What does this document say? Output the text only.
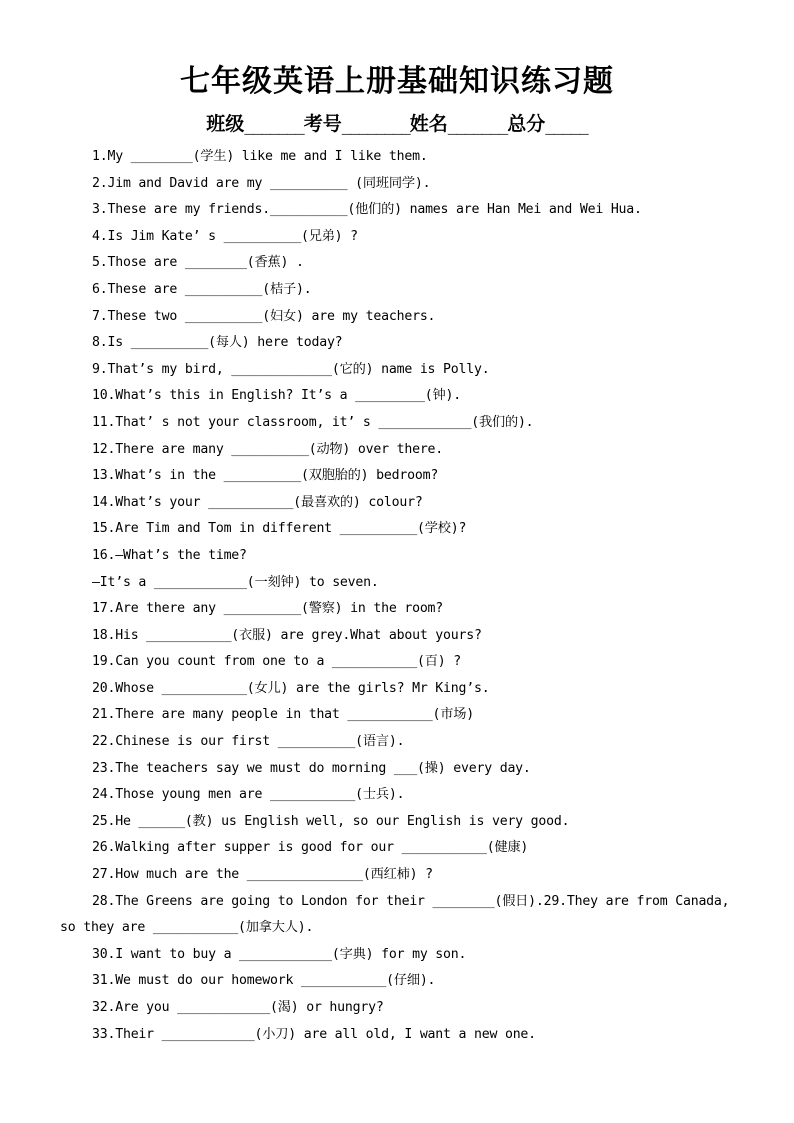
七年级英语上册基础知识练习题
班级_______考号________姓名_______总分_____
1.My ________(学生) like me and I like them.
2.Jim and David are my __________ (同班同学).
3.These are my friends.__________(他们的) names are Han Mei and Wei Hua.
4.Is Jim Kate’ s __________(兄弟) ?
5.Those are ________(香蕉) .
6.These are __________(桔子).
7.These two __________(妇女) are my teachers.
8.Is __________(每人) here today?
9.That’s my bird, _____________(它的) name is Polly.
10.What’s this in English? It’s a _________(钟).
11.That’ s not your classroom, it’ s ____________(我们的).
12.There are many __________(动物) over there.
13.What’s in the __________(双胞胎的) bedroom?
14.What’s your ___________(最喜欢的) colour?
15.Are Tim and Tom in different __________(学校)?
16.—What’s the time?
—It’s a ____________(一刻钟) to seven.
17.Are there any __________(警察) in the room?
18.His ___________(衣服) are grey.What about yours?
19.Can you count from one to a ___________(百) ?
20.Whose ___________(女儿) are the girls? Mr King’s.
21.There are many people in that ___________(市场)
22.Chinese is our first __________(语言).
23.The teachers say we must do morning ___(操) every day.
24.Those young men are ___________(士兵).
25.He ______(教) us English well, so our English is very good.
26.Walking after supper is good for our ___________(健康)
27.How much are the _______________(西红柿) ?
28.The Greens are going to London for their ________(假日).29.They are from Canada, so they are ___________(加拿大人).
30.I want to buy a ____________(字典) for my son.
31.We must do our homework ___________(仔细).
32.Are you ____________(渴) or hungry?
33.Their ____________(小刀) are all old, I want a new one.
